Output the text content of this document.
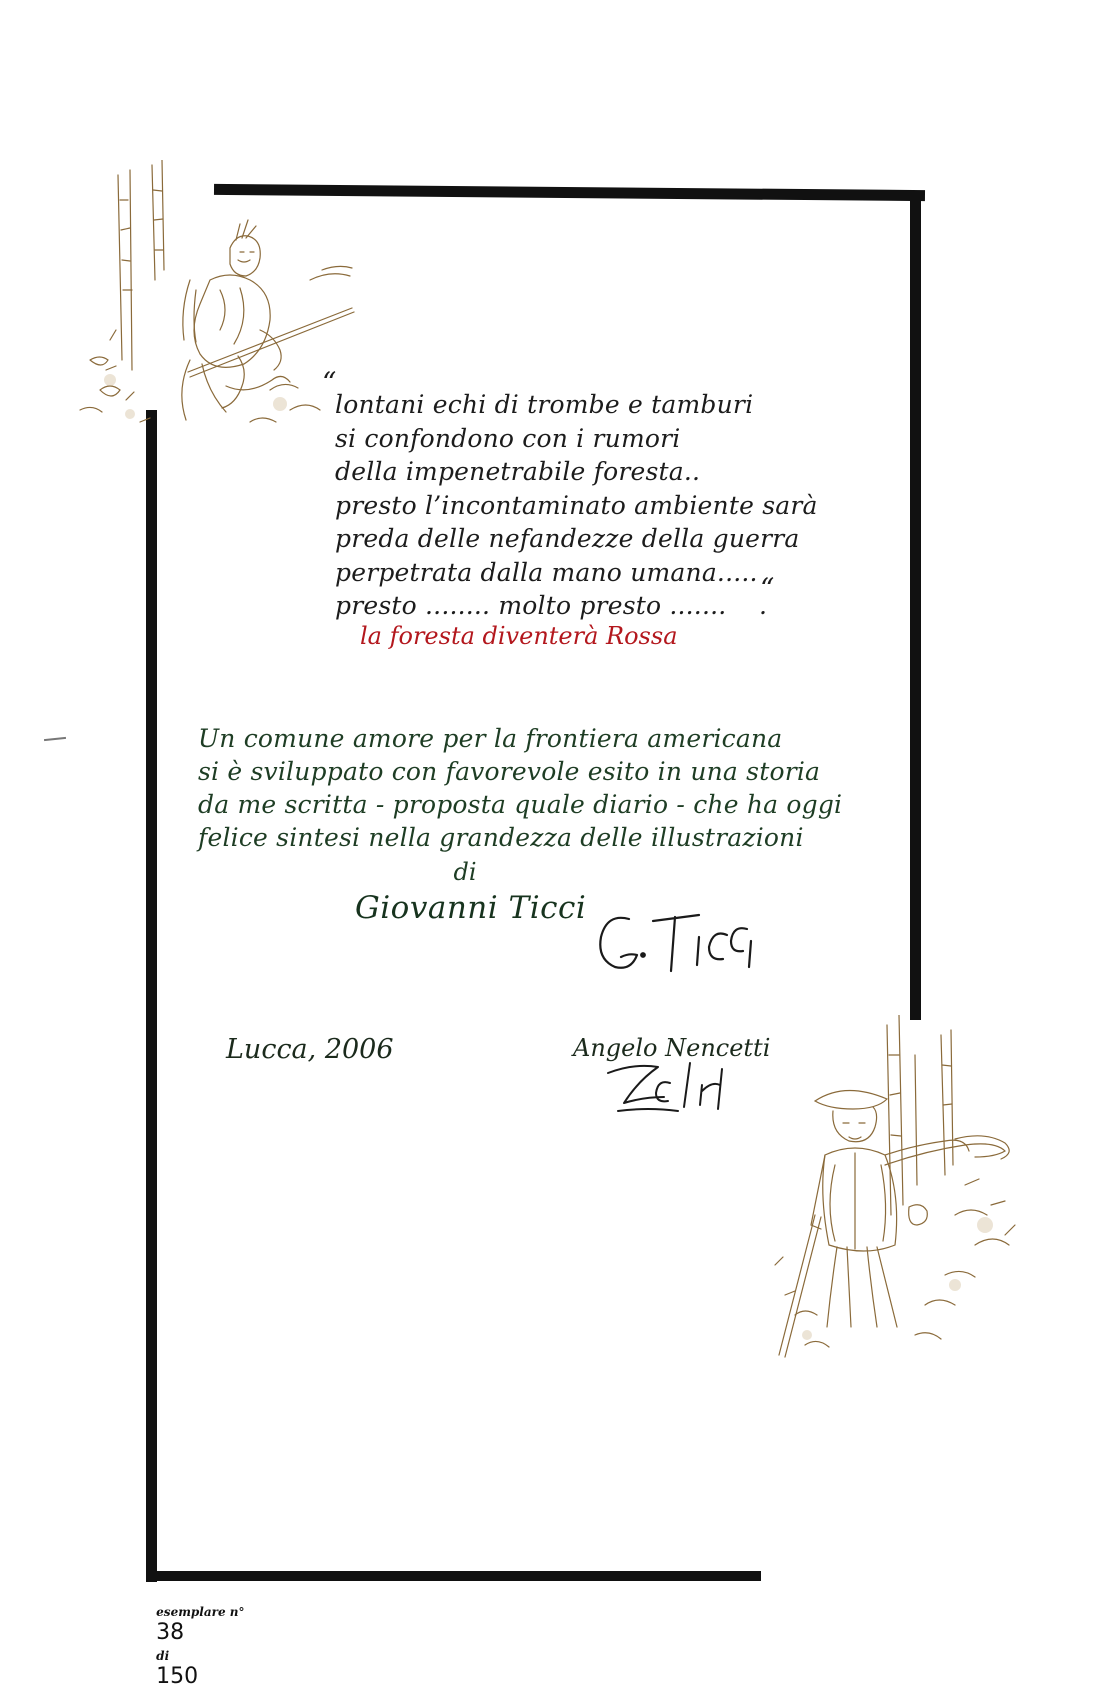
“
lontani echi di trombe e tamburi
si confondono con i rumori
della impenetrabile foresta..
presto l’incontaminato ambiente sarà
preda delle nefandezze della guerra
perpetrata dalla mano umana.....
presto ........ molto presto .......    .
“
la foresta diventerà Rossa
Un comune amore per la frontiera americana
si è sviluppato con favorevole esito in una storia
da me scritta - proposta quale diario - che ha oggi
felice sintesi nella grandezza delle illustrazioni
di
Giovanni Ticci
Lucca, 2006	Angelo Nencetti

esemplare n°
38
di
150
